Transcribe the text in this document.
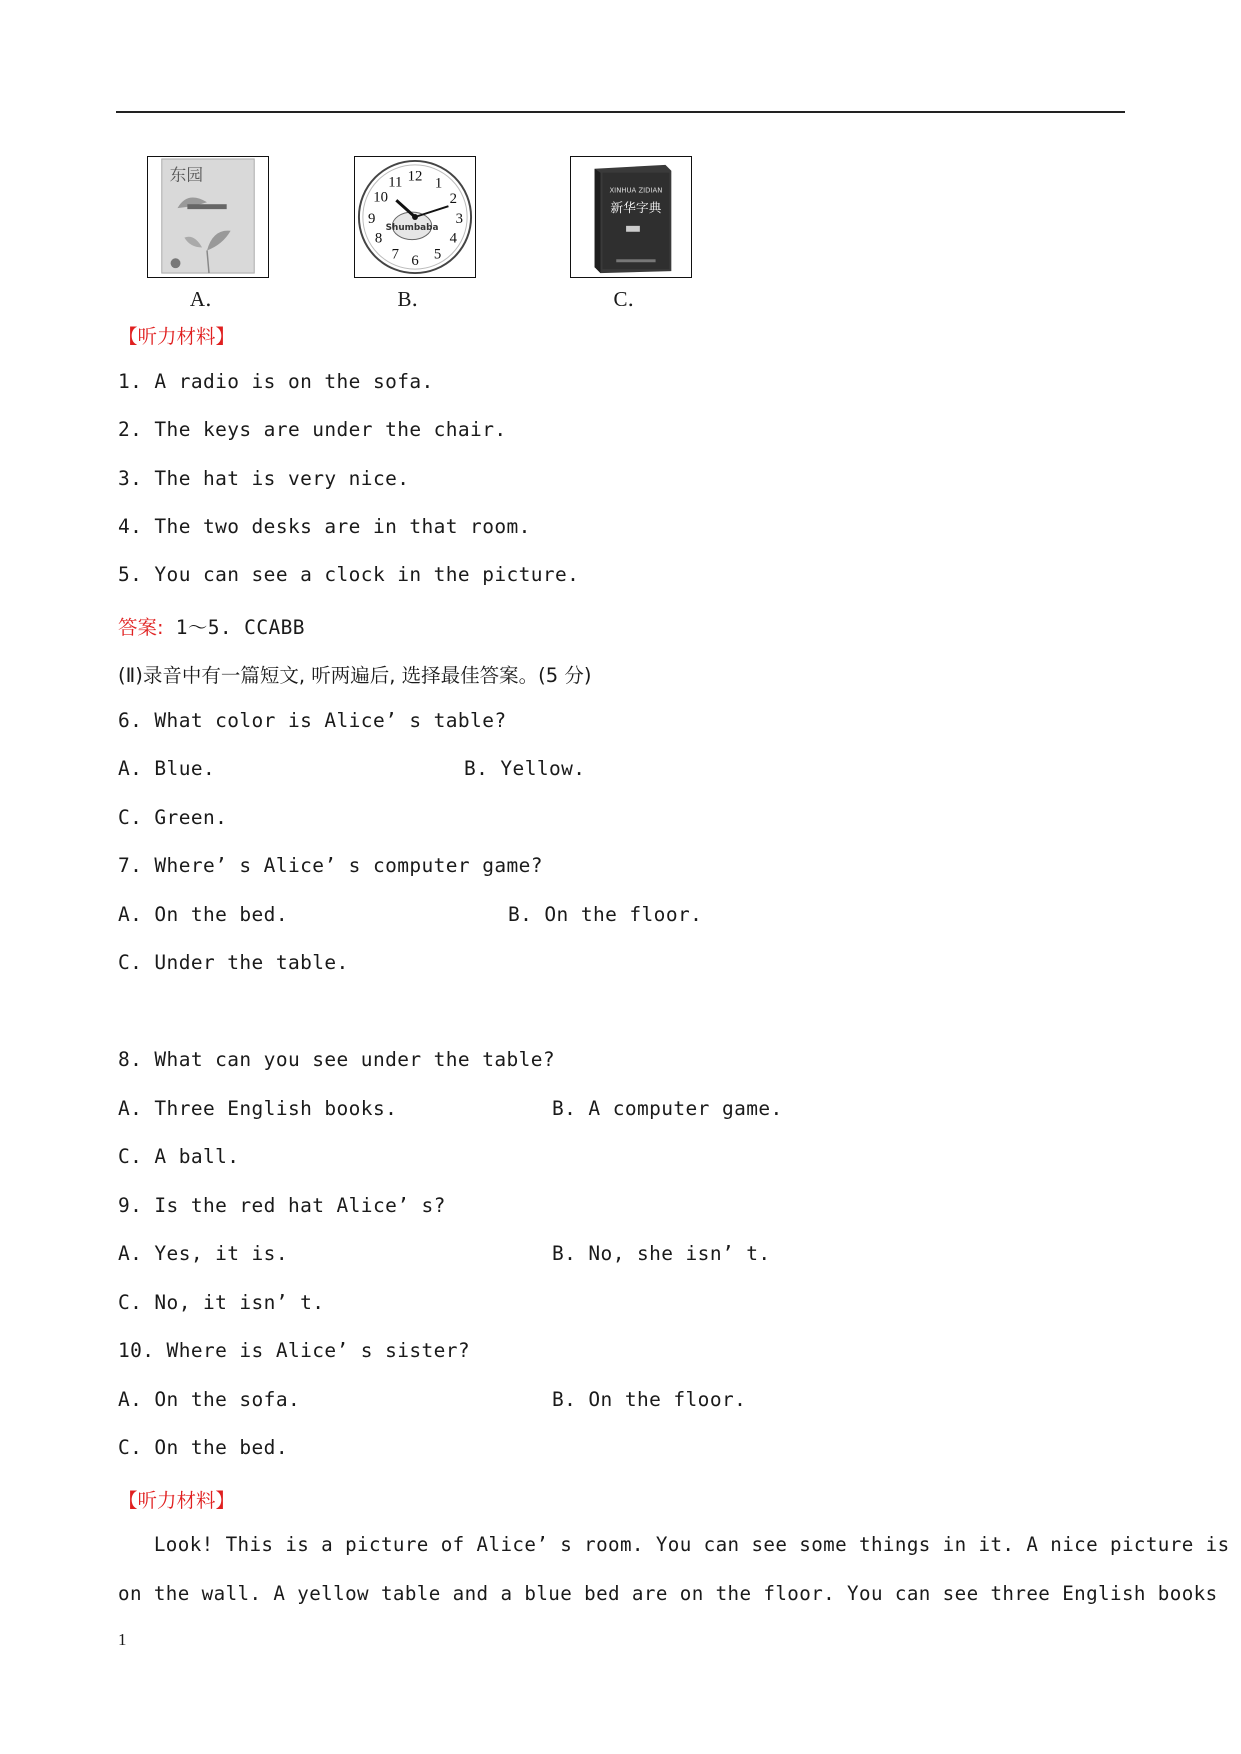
东园
A．
12 1
2
3
4
5
6
7
8
9
10
11
Shumbaba
B．
XINHUA ZIDIAN
新华字典
C．
【听力材料】
1. A radio is on the sofa.
2. The keys are under the chair.
3. The hat is very nice.
4. The two desks are in that room.
5. You can see a clock in the picture.
答案: 1～5. CCABB
(Ⅱ)录音中有一篇短文, 听两遍后, 选择最佳答案。(5 分)
6. What color is Alice’ s table?
A. Blue.	B. Yellow.
C. Green.
7. Where’ s Alice’ s computer game?
A. On the bed.	B. On the floor.
C. Under the table.
8. What can you see under the table?
A. Three English books.	B. A computer game.
C. A ball.
9. Is the red hat Alice’ s?
A. Yes, it is.	B. No, she isn’ t.
C. No, it isn’ t.
10. Where is Alice’ s sister?
A. On the sofa.	B. On the floor.
C. On the bed.
【听力材料】
Look! This is a picture of Alice’ s room. You can see some things in it. A nice picture is
on the wall. A yellow table and a blue bed are on the floor. You can see three English books
1
